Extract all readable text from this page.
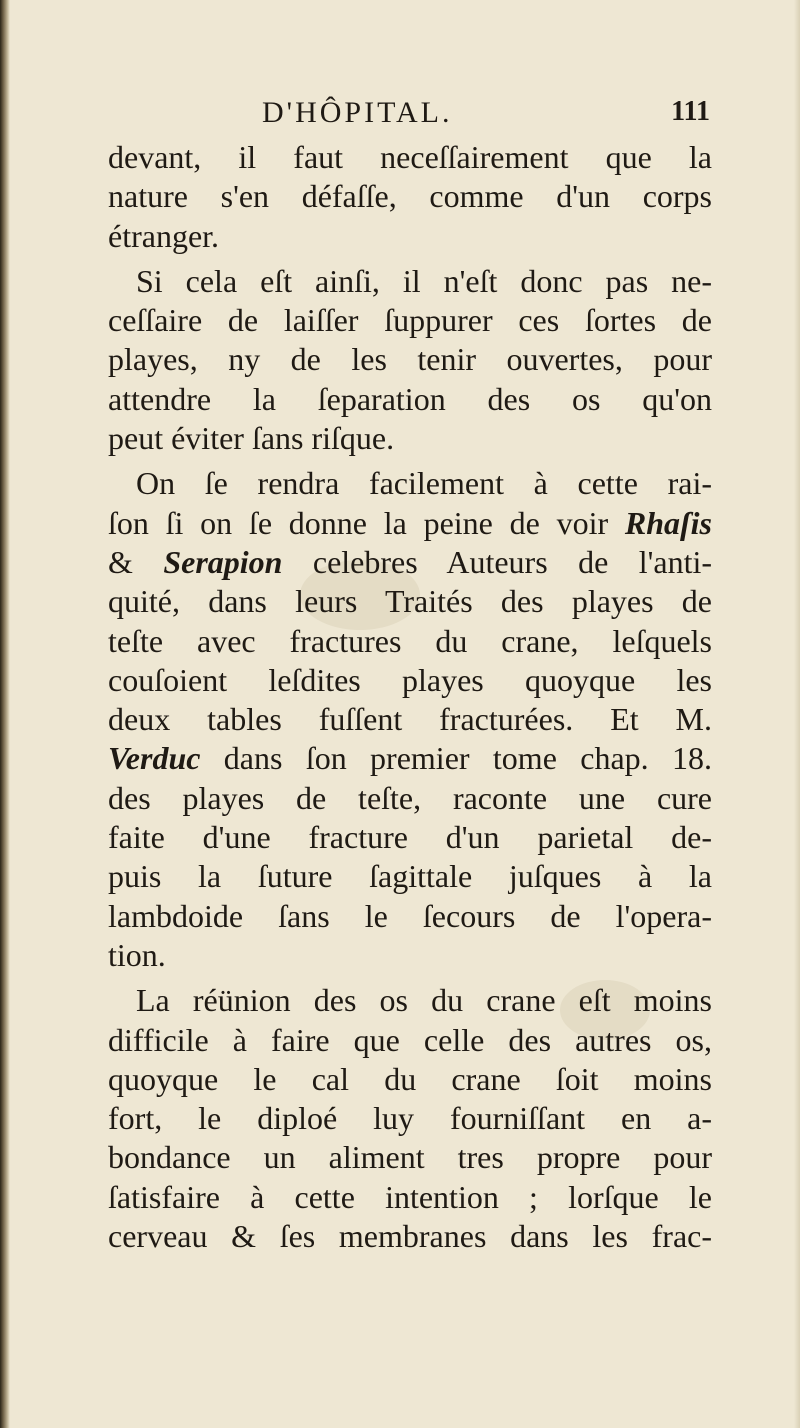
D'HÔPITAL.	111
devant, il faut neceſſairement que la
nature s'en défaſſe, comme d'un corps
étranger.
Si cela eſt ainſi, il n'eſt donc pas ne-
ceſſaire de laiſſer ſuppurer ces ſortes de
playes, ny de les tenir ouvertes, pour
attendre la ſeparation des os qu'on
peut éviter ſans riſque.
On ſe rendra facilement à cette rai-
ſon ſi on ſe donne la peine de voir Rhaſis
& Serapion celebres Auteurs de l'anti-
quité, dans leurs Traités des playes de
teſte avec fractures du crane, leſquels
couſoient leſdites playes quoyque les
deux tables fuſſent fracturées. Et M.
Verduc dans ſon premier tome chap. 18.
des playes de teſte, raconte une cure
faite d'une fracture d'un parietal de-
puis la ſuture ſagittale juſques à la
lambdoide ſans le ſecours de l'opera-
tion.
La réünion des os du crane eſt moins
difficile à faire que celle des autres os,
quoyque le cal du crane ſoit moins
fort, le diploé luy fourniſſant en a-
bondance un aliment tres propre pour
ſatisfaire à cette intention ; lorſque le
cerveau & ſes membranes dans les frac-
